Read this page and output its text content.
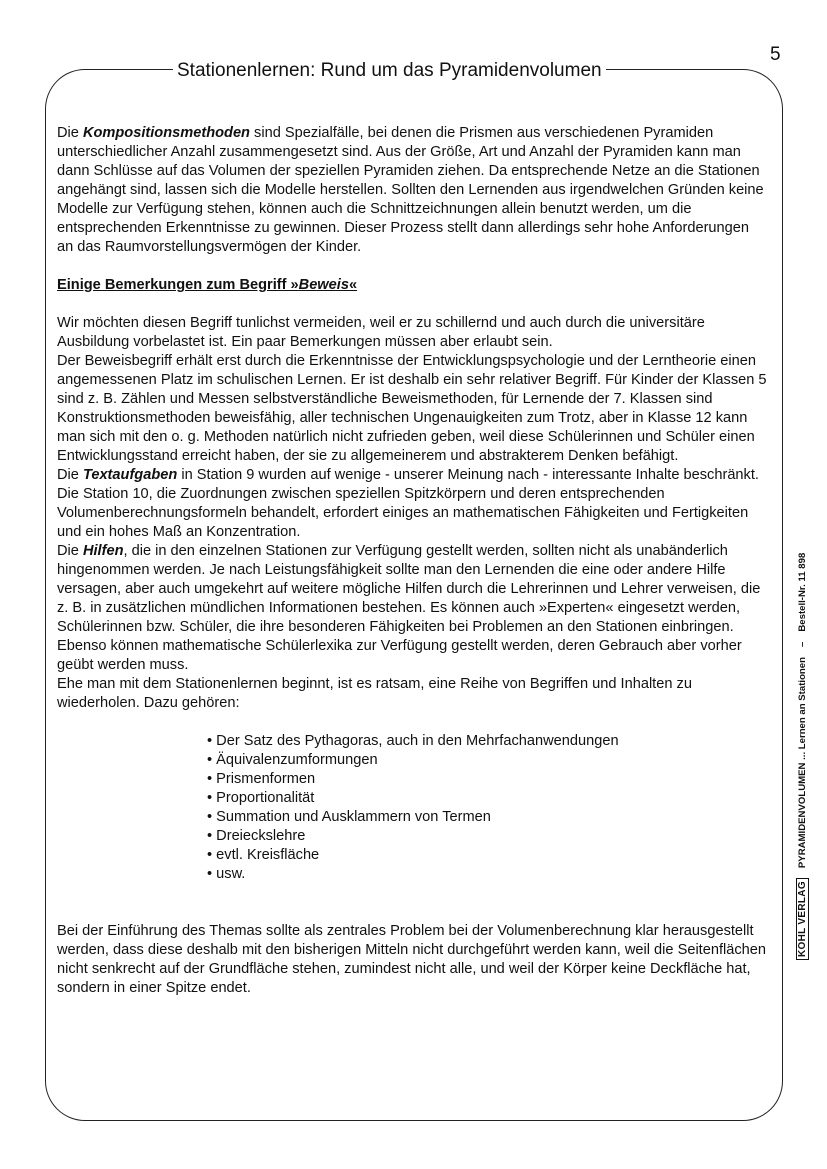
5
Stationenlernen: Rund um das Pyramidenvolumen

Die Kompositionsmethoden sind Spezialfälle, bei denen die Prismen aus verschiedenen Pyramiden unterschiedlicher Anzahl zusammengesetzt sind. Aus der Größe, Art und Anzahl der Pyramiden kann man dann Schlüsse auf das Volumen der speziellen Pyramiden ziehen. Da entsprechende Netze an die Stationen angehängt sind, lassen sich die Modelle herstellen. Sollten den Lernenden aus irgendwelchen Gründen keine Modelle zur Verfügung stehen, können auch die Schnittzeichnungen allein benutzt werden, um die entsprechenden Erkenntnisse zu gewinnen. Dieser Prozess stellt dann allerdings sehr hohe Anforderungen an das Raumvorstellungsvermögen der Kinder.

Einige Bemerkungen zum Begriff »Beweis«

Wir möchten diesen Begriff tunlichst vermeiden, weil er zu schillernd und auch durch die universitäre Ausbildung vorbelastet ist. Ein paar Bemerkungen müssen aber erlaubt sein.

Der Beweisbegriff erhält erst durch die Erkenntnisse der Entwicklungspsychologie und der Lerntheorie einen angemessenen Platz im schulischen Lernen. Er ist deshalb ein sehr relativer Begriff. Für Kinder der Klassen 5 sind z. B. Zählen und Messen selbstverständliche Beweismethoden, für Lernende der 7. Klassen sind Konstruktionsmethoden beweisfähig, aller technischen Ungenauigkeiten zum Trotz, aber in Klasse 12 kann man sich mit den o. g. Methoden natürlich nicht zufrieden geben, weil diese Schülerinnen und Schüler einen Entwicklungsstand erreicht haben, der sie zu allgemeinerem und abstrakterem Denken befähigt.

Die Textaufgaben in Station 9 wurden auf wenige - unserer Meinung nach - interessante Inhalte beschränkt.

Die Station 10, die Zuordnungen zwischen speziellen Spitzkörpern und deren entsprechenden Volumenberechnungsformeln behandelt, erfordert einiges an mathematischen Fähigkeiten und Fertigkeiten und ein hohes Maß an Konzentration.

Die Hilfen, die in den einzelnen Stationen zur Verfügung gestellt werden, sollten nicht als unabänderlich hingenommen werden. Je nach Leistungsfähigkeit sollte man den Lernenden die eine oder andere Hilfe versagen, aber auch umgekehrt auf weitere mögliche Hilfen durch die Lehrerinnen und Lehrer verweisen, die z. B. in zusätzlichen mündlichen Informationen bestehen. Es können auch »Experten« eingesetzt werden, Schülerinnen bzw. Schüler, die ihre besonderen Fähigkeiten bei Problemen an den Stationen einbringen. Ebenso können mathematische Schülerlexika zur Verfügung gestellt werden, deren Gebrauch aber vorher geübt werden muss.

Ehe man mit dem Stationenlernen beginnt, ist es ratsam, eine Reihe von Begriffen und Inhalten zu wiederholen. Dazu gehören:

• Der Satz des Pythagoras, auch in den Mehrfachanwendungen
• Äquivalenzumformungen
• Prismenformen
• Proportionalität
• Summation und Ausklammern von Termen
• Dreieckslehre
• evtl. Kreisfläche
• usw.

Bei der Einführung des Themas sollte als zentrales Problem bei der Volumenberechnung klar herausgestellt werden, dass diese deshalb mit den bisherigen Mitteln nicht durchgeführt werden kann, weil die Seitenflächen nicht senkrecht auf der Grundfläche stehen, zumindest nicht alle, und weil der Körper keine Deckfläche hat, sondern in einer Spitze endet.

KOHL VERLAG
PYRAMIDENVOLUMEN ... Lernen an Stationen
–
Bestell-Nr. 11 898
